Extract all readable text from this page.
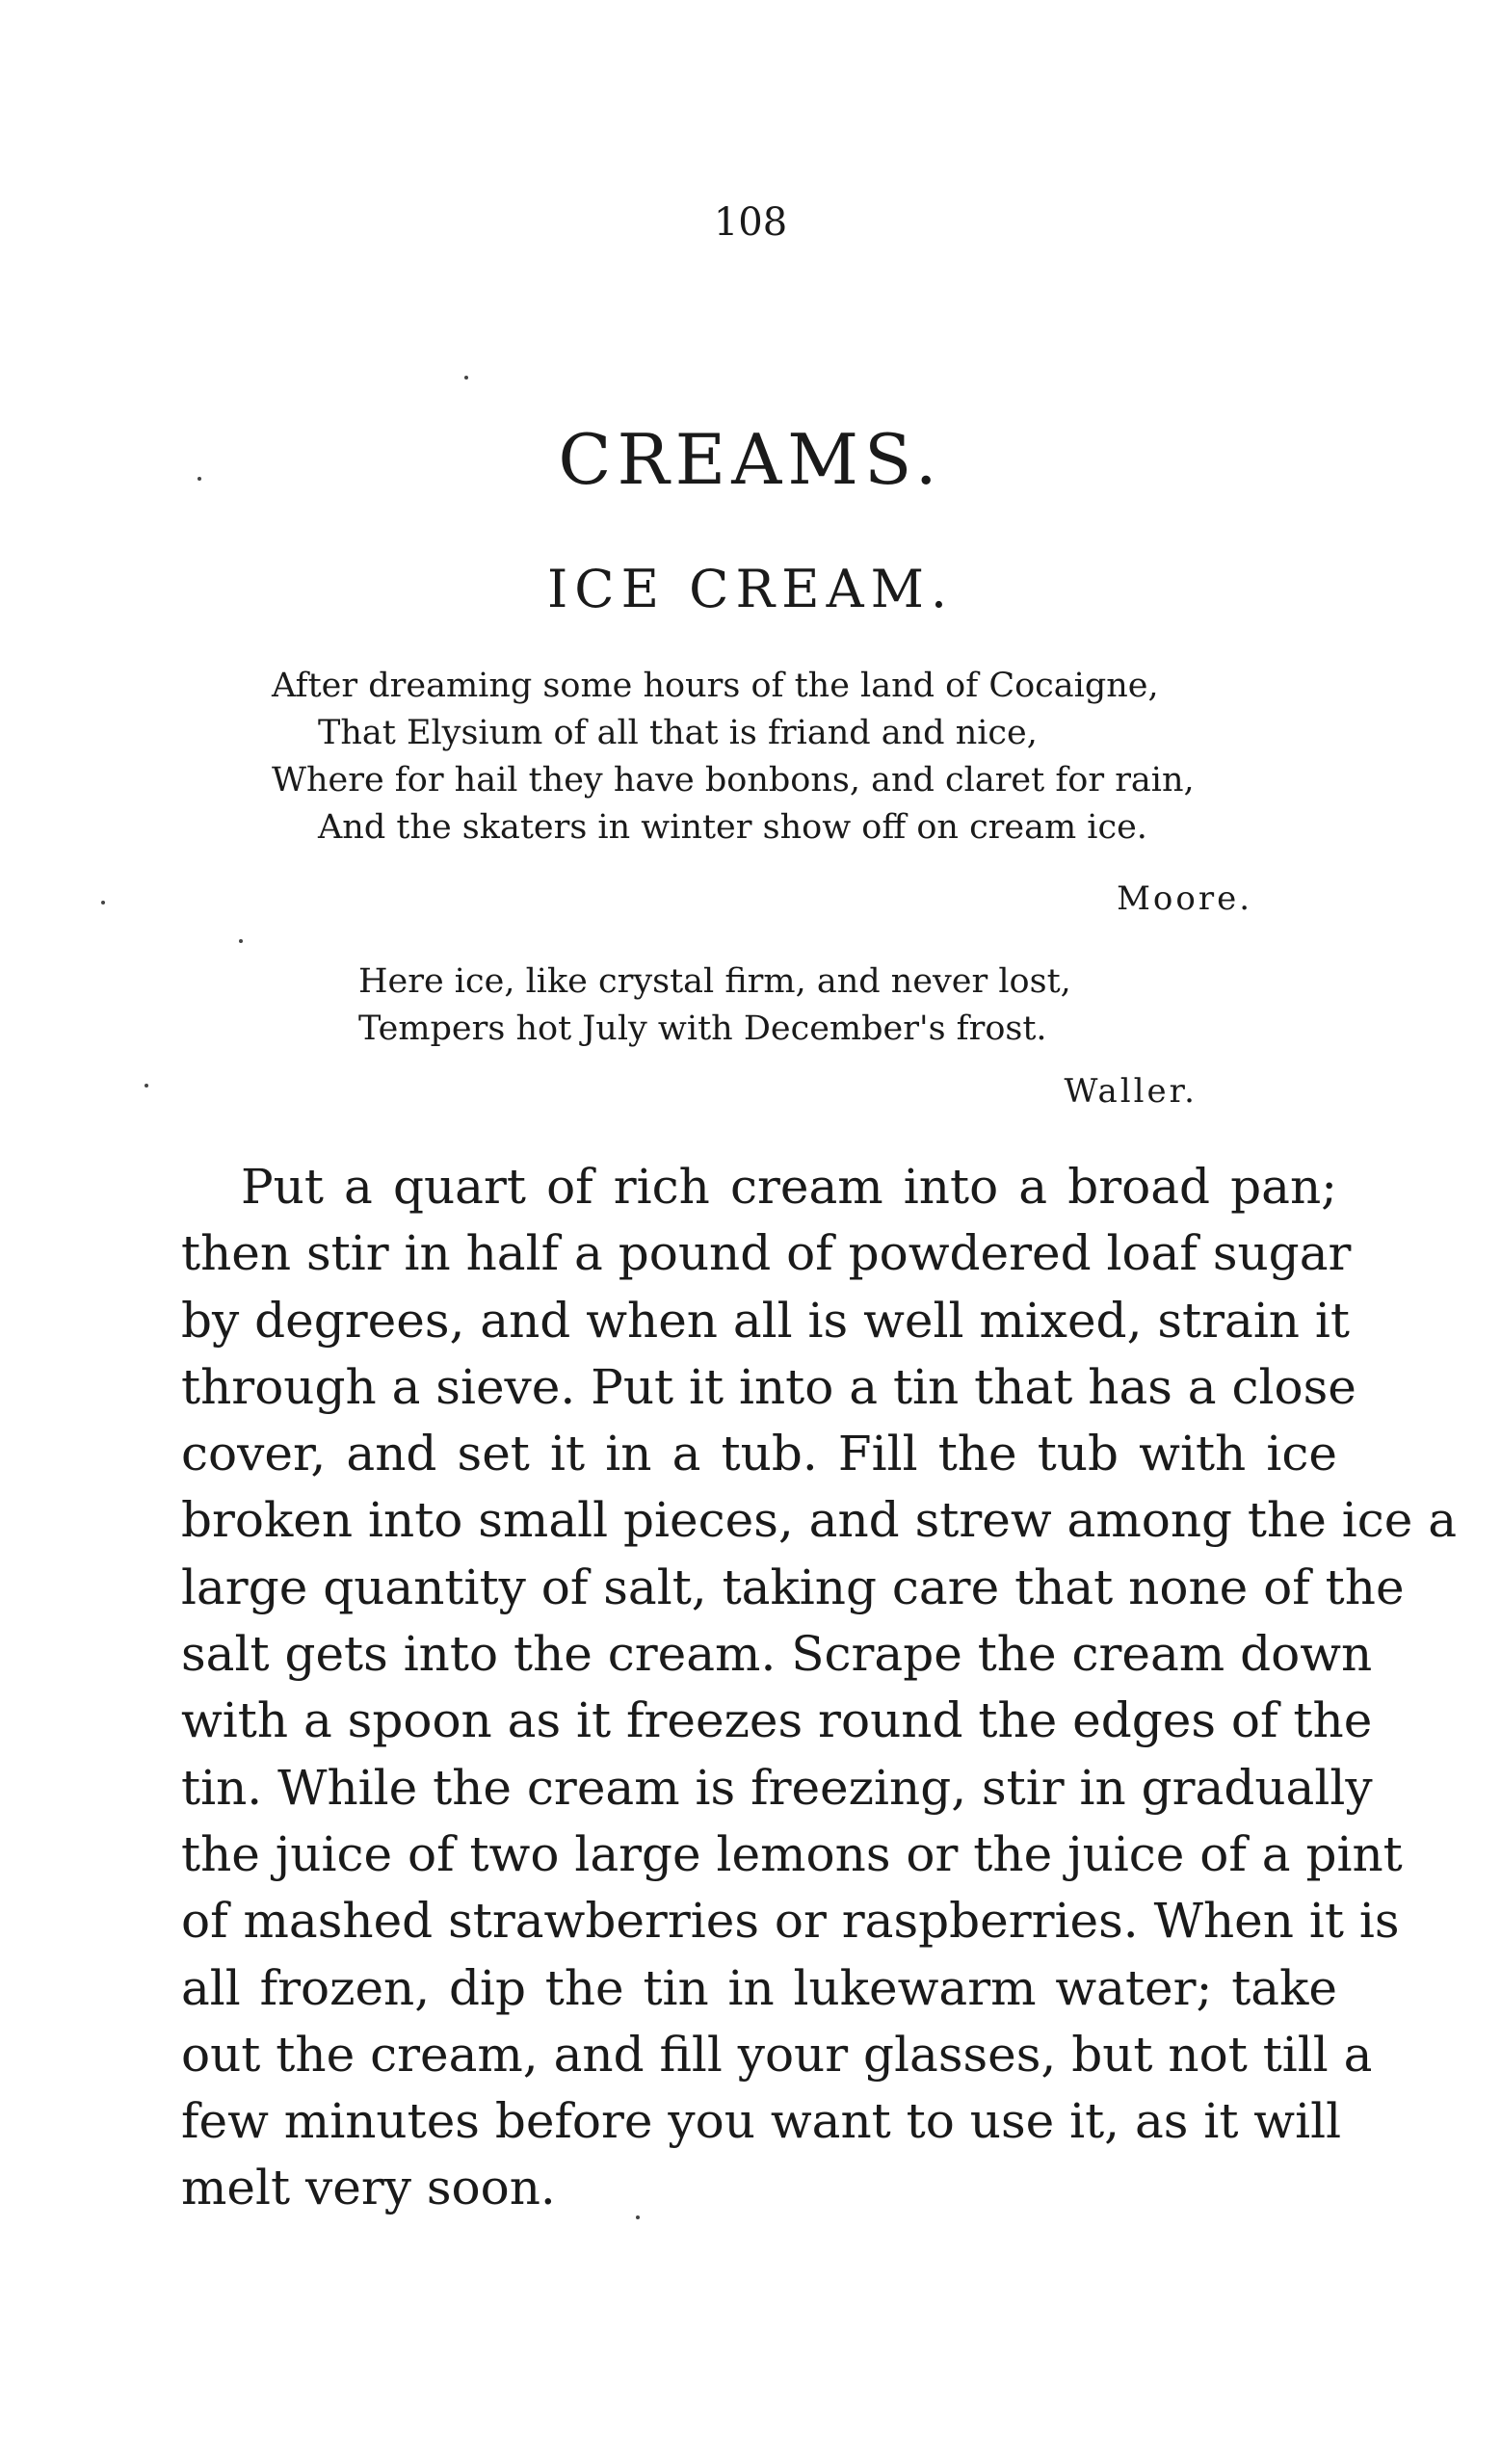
108
CREAMS.
ICE CREAM.
After dreaming some hours of the land of Cocaigne,
That Elysium of all that is friand and nice,
Where for hail they have bonbons, and claret for rain,
And the skaters in winter show off on cream ice.
Moore.
Here ice, like crystal firm, and never lost,
Tempers hot July with December's frost.
Waller.
Put a quart of rich cream into a broad pan;
then stir in half a pound of powdered loaf sugar
by degrees, and when all is well mixed, strain it
through a sieve. Put it into a tin that has a close
cover, and set it in a tub. Fill the tub with ice
broken into small pieces, and strew among the ice a
large quantity of salt, taking care that none of the
salt gets into the cream. Scrape the cream down
with a spoon as it freezes round the edges of the
tin. While the cream is freezing, stir in gradually
the juice of two large lemons or the juice of a pint
of mashed strawberries or raspberries. When it is
all frozen, dip the tin in lukewarm water; take
out the cream, and fill your glasses, but not till a
few minutes before you want to use it, as it will
melt very soon.
